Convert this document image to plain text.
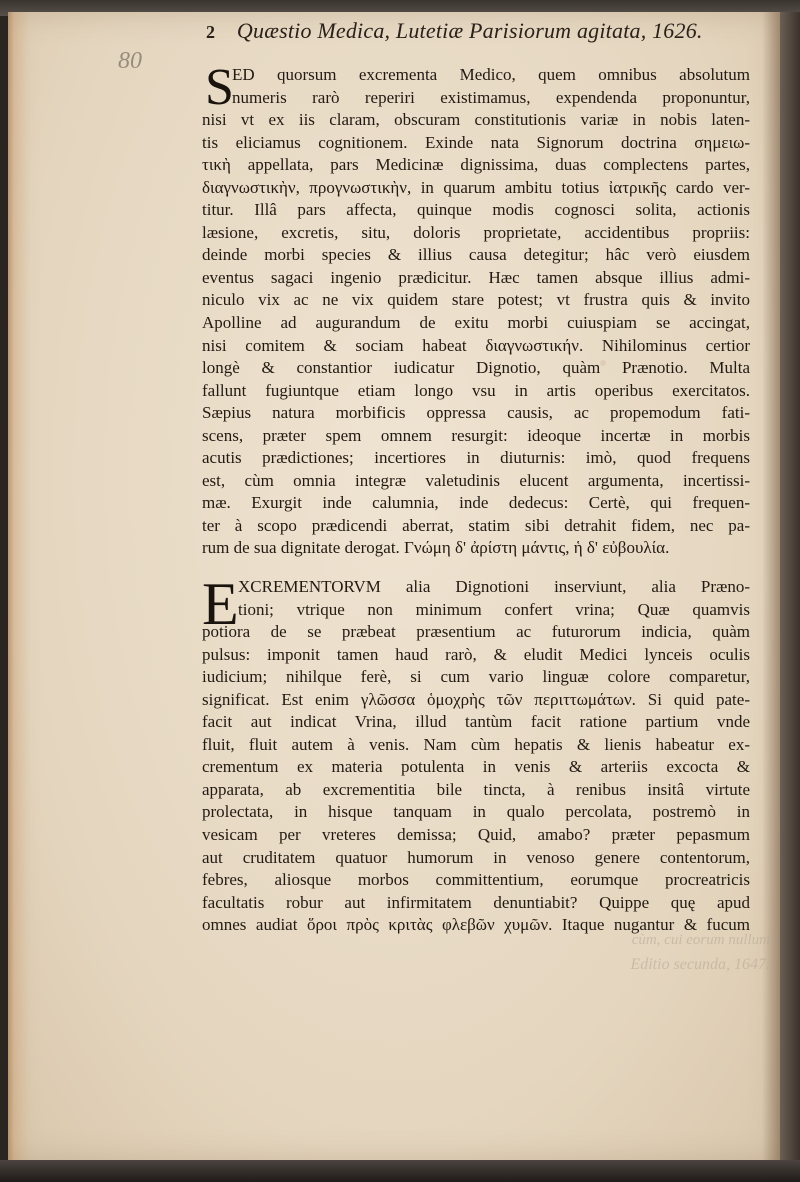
2 Quæstio Medica, Lutetiæ Parisiorum agitata, 1626.
80 S
ED quorsum excrementa Medico, quem omnibus absolutum
numeris rarò reperiri existimamus, expendenda proponuntur,
nisi vt ex iis claram, obscuram constitutionis variæ in nobis laten-
tis eliciamus cognitionem. Exinde nata Signorum doctrina σημειω-
τικὴ appellata, pars Medicinæ dignissima, duas complectens partes,
διαγνωστικὴν, προγνωστικὴν, in quarum ambitu totius ἰατρικῆς cardo ver-
titur. Illâ pars affecta, quinque modis cognosci solita, actionis
læsione, excretis, situ, doloris proprietate, accidentibus propriis:
deinde morbi species & illius causa detegitur; hâc verò eiusdem
eventus sagaci ingenio prædicitur. Hæc tamen absque illius admi-
niculo vix ac ne vix quidem stare potest; vt frustra quis & invito
Apolline ad augurandum de exitu morbi cuiuspiam se accingat,
nisi comitem & sociam habeat διαγνωστικήν. Nihilominus certior
longè & constantior iudicatur Dignotio, quàm Prænotio. Multa
fallunt fugiuntque etiam longo vsu in artis operibus exercitatos.
Sæpius natura morbificis oppressa causis, ac propemodum fati-
scens, præter spem omnem resurgit: ideoque incertæ in morbis
acutis prædictiones; incertiores in diuturnis: imò, quod frequens
est, cùm omnia integræ valetudinis elucent argumenta, incertissi-
mæ. Exurgit inde calumnia, inde dedecus: Certè, qui frequen-
ter à scopo prædicendi aberrat, statim sibi detrahit fidem, nec pa-
rum de sua dignitate derogat. Γνώμη δ' ἀρίστη μάντις, ἡ δ' εὐβουλία.
E XCREMENTORVM alia Dignotioni inserviunt, alia Præno-
tioni; vtrique non minimum confert vrina; Quæ quamvis
potiora de se præbeat præsentium ac futurorum indicia, quàm
pulsus: imponit tamen haud rarò, & eludit Medici lynceis oculis
iudicium; nihilque ferè, si cum vario linguæ colore comparetur,
significat. Est enim γλῶσσα ὁμοχρὴς τῶν περιττωμάτων. Si quid pate-
facit aut indicat Vrina, illud tantùm facit ratione partium vnde
fluit, fluit autem à venis. Nam cùm hepatis & lienis habeatur ex-
crementum ex materia potulenta in venis & arteriis excocta &
apparata, ab excrementitia bile tincta, à renibus insitâ virtute
prolectata, in hisque tanquam in qualo percolata, postremò in
vesicam per vreteres demissa; Quid, amabo? præter pepasmum
aut cruditatem quatuor humorum in venoso genere contentorum,
febres, aliosque morbos committentium, eorumque procreatricis
facultatis robur aut infirmitatem denuntiabit? Quippe quę apud
omnes audiat ὅροι πρὸς κριτὰς φλεβῶν χυμῶν. Itaque nugantur & fucum
cùm, cui eorum nullum
Editio secunda, 1647.
